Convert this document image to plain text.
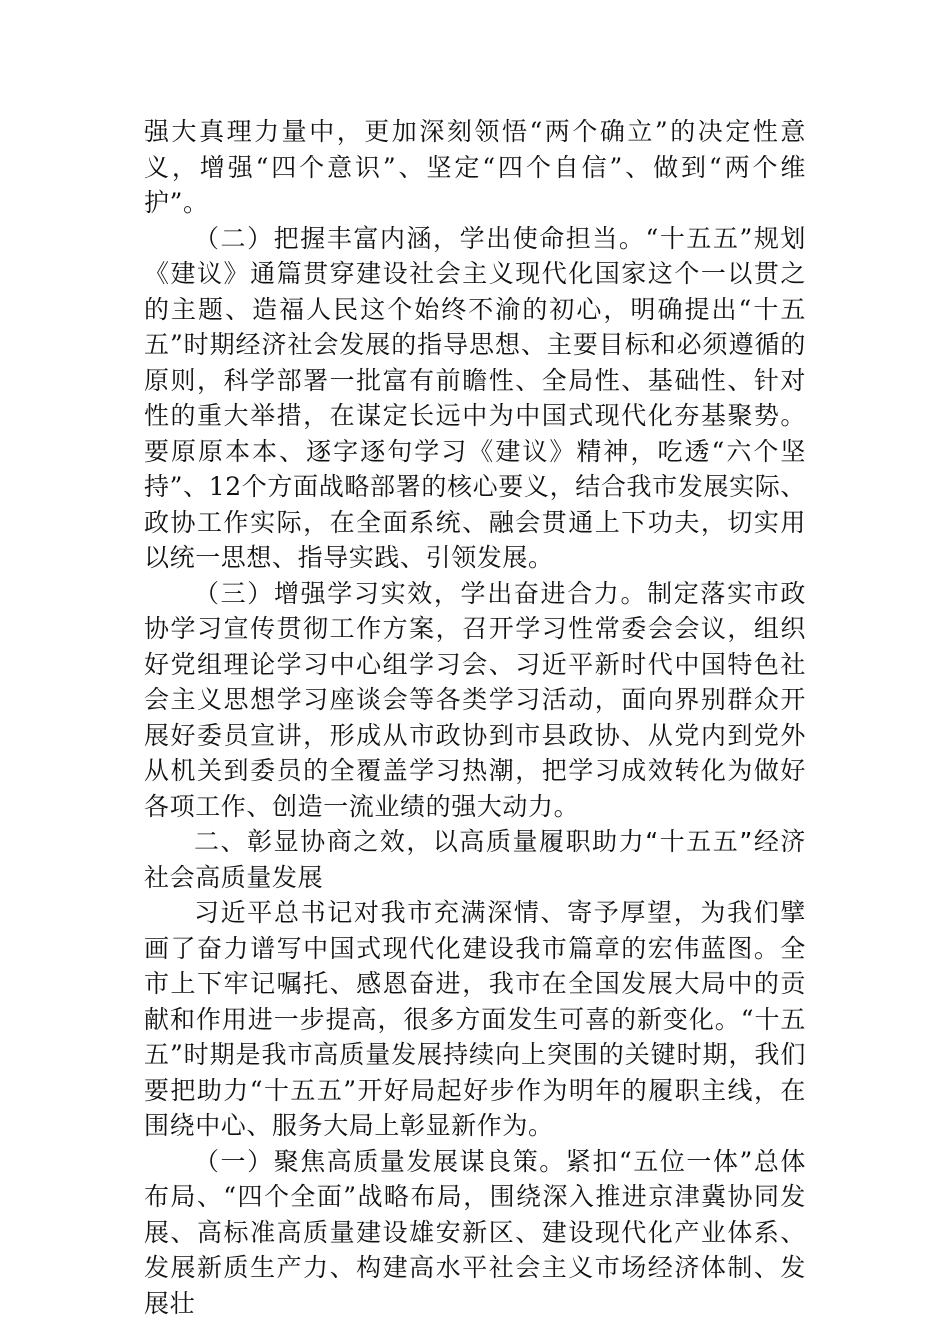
强大真理力量中，更加深刻领悟“两个确立”的决定性意义，增强“四个意识”、坚定“四个自信”、做到“两个维护”。

（二）把握丰富内涵，学出使命担当。“十五五”规划《建议》通篇贯穿建设社会主义现代化国家这个一以贯之的主题、造福人民这个始终不渝的初心，明确提出“十五五”时期经济社会发展的指导思想、主要目标和必须遵循的原则，科学部署一批富有前瞻性、全局性、基础性、针对性的重大举措，在谋定长远中为中国式现代化夯基聚势。要原原本本、逐字逐句学习《建议》精神，吃透“六个坚持”、12个方面战略部署的核心要义，结合我市发展实际、政协工作实际，在全面系统、融会贯通上下功夫，切实用以统一思想、指导实践、引领发展。

（三）增强学习实效，学出奋进合力。制定落实市政协学习宣传贯彻工作方案，召开学习性常委会会议，组织好党组理论学习中心组学习会、习近平新时代中国特色社会主义思想学习座谈会等各类学习活动，面向界别群众开展好委员宣讲，形成从市政协到市县政协、从党内到党外从机关到委员的全覆盖学习热潮，把学习成效转化为做好各项工作、创造一流业绩的强大动力。

二、彰显协商之效，以高质量履职助力“十五五”经济社会高质量发展

习近平总书记对我市充满深情、寄予厚望，为我们擘画了奋力谱写中国式现代化建设我市篇章的宏伟蓝图。全市上下牢记嘱托、感恩奋进，我市在全国发展大局中的贡献和作用进一步提高，很多方面发生可喜的新变化。“十五五”时期是我市高质量发展持续向上突围的关键时期，我们要把助力“十五五”开好局起好步作为明年的履职主线，在围绕中心、服务大局上彰显新作为。

（一）聚焦高质量发展谋良策。紧扣“五位一体”总体布局、“四个全面”战略布局，围绕深入推进京津冀协同发展、高标准高质量建设雄安新区、建设现代化产业体系、发展新质生产力、构建高水平社会主义市场经济体制、发展壮
